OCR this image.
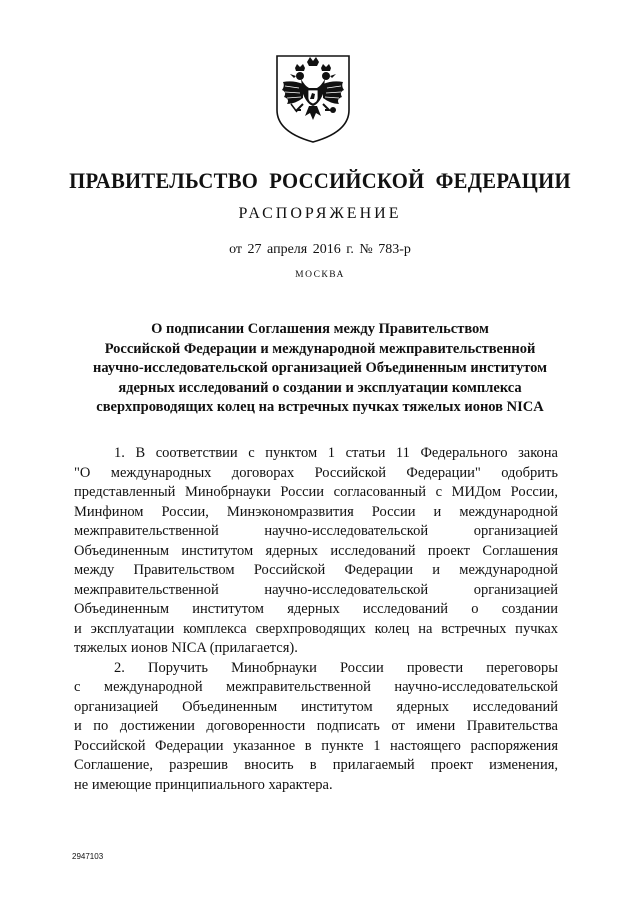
ПРАВИТЕЛЬСТВО РОССИЙСКОЙ ФЕДЕРАЦИИ
РАСПОРЯЖЕНИЕ
от 27 апреля 2016 г. № 783-р
МОСКВА
О подписании Соглашения между Правительством
Российской Федерации и международной межправительственной
научно-исследовательской организацией Объединенным институтом
ядерных исследований о создании и эксплуатации комплекса
сверхпроводящих колец на встречных пучках тяжелых ионов NICA
1. В соответствии с пунктом 1 статьи 11 Федерального закона
"О международных договорах Российской Федерации" одобрить
представленный Минобрнауки России согласованный с МИДом России,
Минфином России, Минэкономразвития России и международной
межправительственной научно-исследовательской организацией
Объединенным институтом ядерных исследований проект Соглашения
между Правительством Российской Федерации и международной
межправительственной научно-исследовательской организацией
Объединенным институтом ядерных исследований о создании
и эксплуатации комплекса сверхпроводящих колец на встречных пучках
тяжелых ионов NICA (прилагается).
2. Поручить Минобрнауки России провести переговоры
с международной межправительственной научно-исследовательской
организацией Объединенным институтом ядерных исследований
и по достижении договоренности подписать от имени Правительства
Российской Федерации указанное в пункте 1 настоящего распоряжения
Соглашение, разрешив вносить в прилагаемый проект изменения,
не имеющие принципиального характера.
2947103
